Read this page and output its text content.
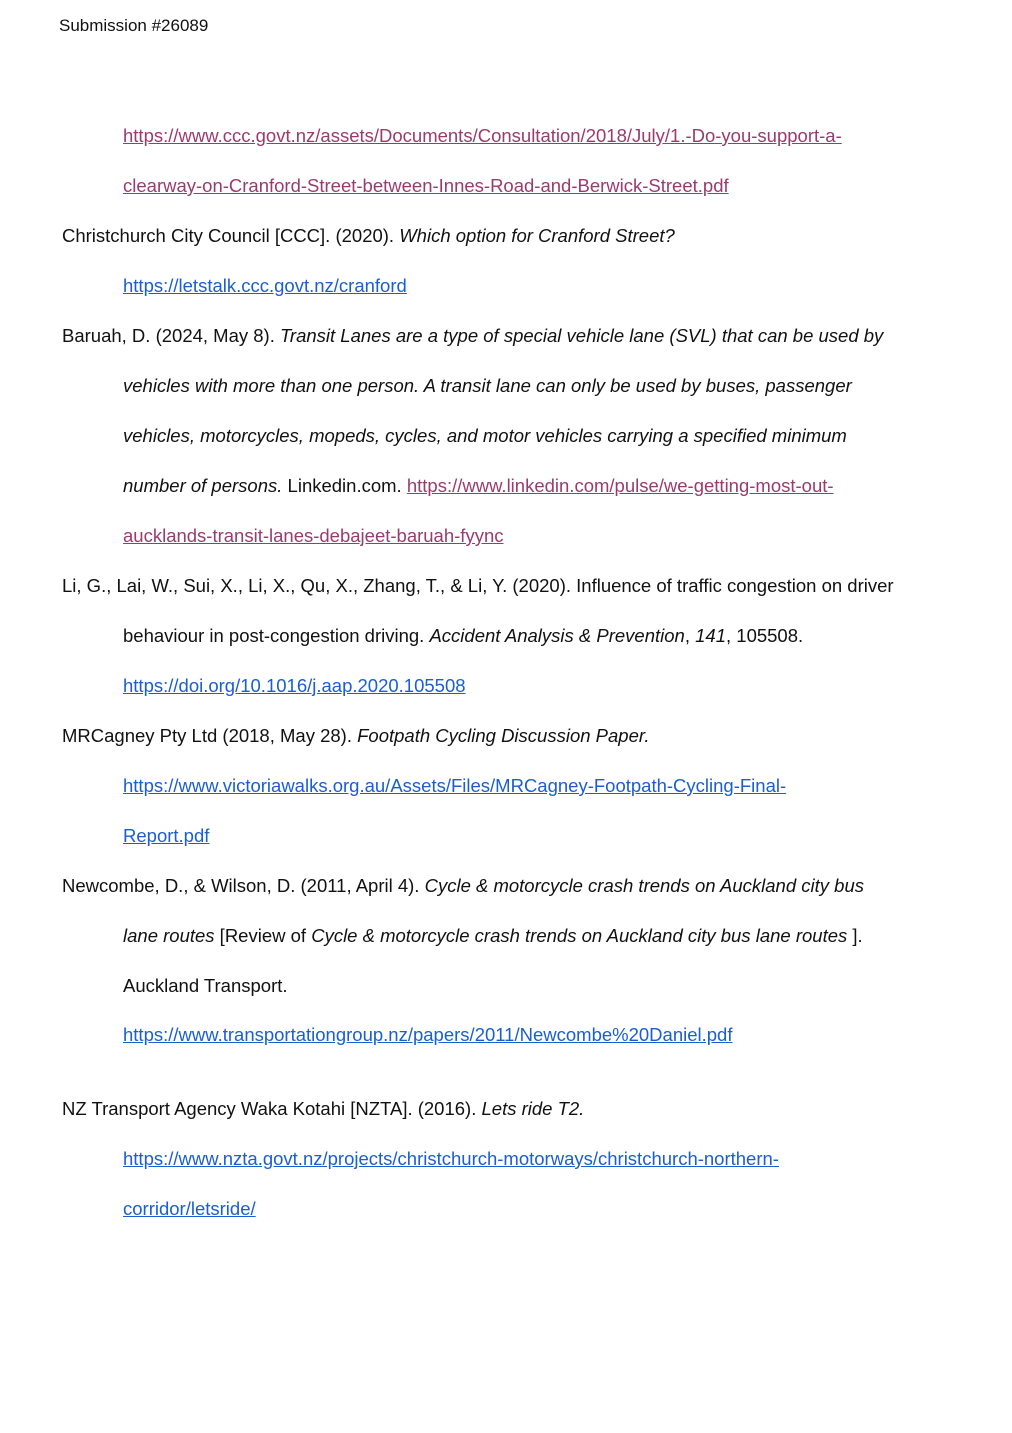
Submission #26089
https://www.ccc.govt.nz/assets/Documents/Consultation/2018/July/1.-Do-you-support-a-
clearway-on-Cranford-Street-between-Innes-Road-and-Berwick-Street.pdf
Christchurch City Council [CCC]. (2020). Which option for Cranford Street?
https://letstalk.ccc.govt.nz/cranford
Baruah, D. (2024, May 8). Transit Lanes are a type of special vehicle lane (SVL) that can be used by
vehicles with more than one person. A transit lane can only be used by buses, passenger
vehicles, motorcycles, mopeds, cycles, and motor vehicles carrying a specified minimum
number of persons. Linkedin.com. https://www.linkedin.com/pulse/we-getting-most-out-
aucklands-transit-lanes-debajeet-baruah-fyync
Li, G., Lai, W., Sui, X., Li, X., Qu, X., Zhang, T., & Li, Y. (2020). Influence of traffic congestion on driver
behaviour in post-congestion driving. Accident Analysis & Prevention, 141, 105508.
https://doi.org/10.1016/j.aap.2020.105508
MRCagney Pty Ltd (2018, May 28). Footpath Cycling Discussion Paper.
https://www.victoriawalks.org.au/Assets/Files/MRCagney-Footpath-Cycling-Final-
Report.pdf
Newcombe, D., & Wilson, D. (2011, April 4). Cycle & motorcycle crash trends on Auckland city bus
lane routes [Review of Cycle & motorcycle crash trends on Auckland city bus lane routes ].
Auckland Transport.
https://www.transportationgroup.nz/papers/2011/Newcombe%20Daniel.pdf
NZ Transport Agency Waka Kotahi [NZTA]. (2016). Lets ride T2.
https://www.nzta.govt.nz/projects/christchurch-motorways/christchurch-northern-
corridor/letsride/
